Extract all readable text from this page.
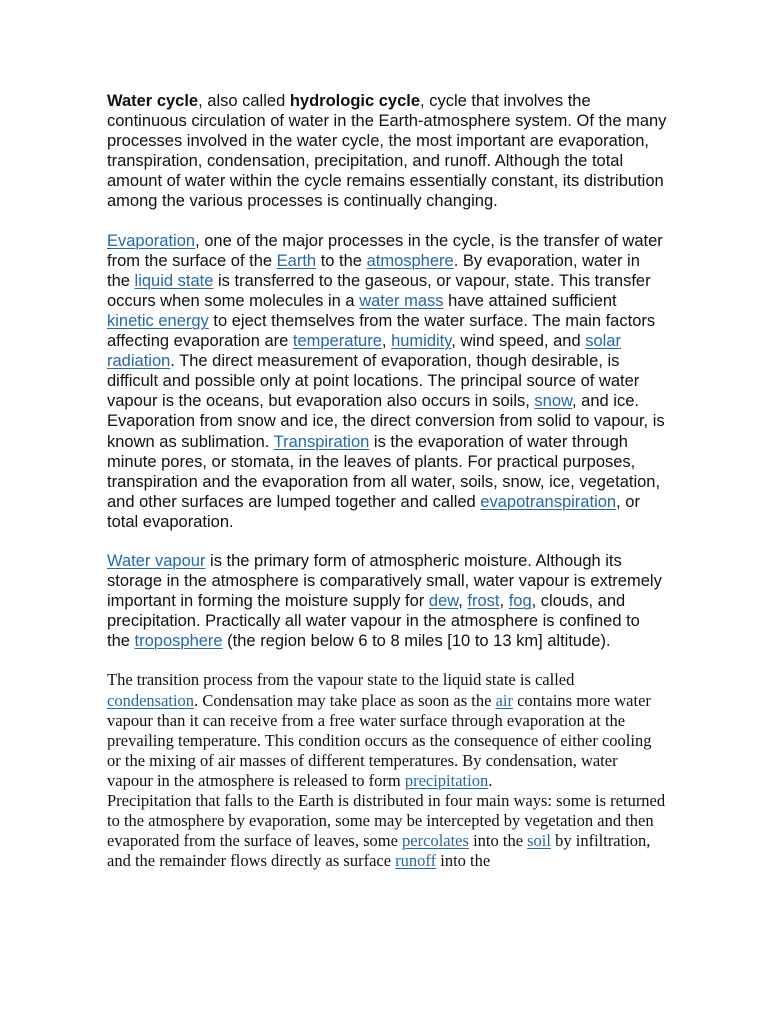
Water cycle, also called hydrologic cycle, cycle that involves the continuous circulation of water in the Earth-atmosphere system. Of the many processes involved in the water cycle, the most important are evaporation, transpiration, condensation, precipitation, and runoff. Although the total amount of water within the cycle remains essentially constant, its distribution among the various processes is continually changing.

Evaporation, one of the major processes in the cycle, is the transfer of water from the surface of the Earth to the atmosphere. By evaporation, water in the liquid state is transferred to the gaseous, or vapour, state. This transfer occurs when some molecules in a water mass have attained sufficient kinetic energy to eject themselves from the water surface. The main factors affecting evaporation are temperature, humidity, wind speed, and solar radiation. The direct measurement of evaporation, though desirable, is difficult and possible only at point locations. The principal source of water vapour is the oceans, but evaporation also occurs in soils, snow, and ice. Evaporation from snow and ice, the direct conversion from solid to vapour, is known as sublimation. Transpiration is the evaporation of water through minute pores, or stomata, in the leaves of plants. For practical purposes, transpiration and the evaporation from all water, soils, snow, ice, vegetation, and other surfaces are lumped together and called evapotranspiration, or total evaporation.

Water vapour is the primary form of atmospheric moisture. Although its storage in the atmosphere is comparatively small, water vapour is extremely important in forming the moisture supply for dew, frost, fog, clouds, and precipitation. Practically all water vapour in the atmosphere is confined to the troposphere (the region below 6 to 8 miles [10 to 13 km] altitude).

The transition process from the vapour state to the liquid state is called condensation. Condensation may take place as soon as the air contains more water vapour than it can receive from a free water surface through evaporation at the prevailing temperature. This condition occurs as the consequence of either cooling or the mixing of air masses of different temperatures. By condensation, water vapour in the atmosphere is released to form precipitation.

Precipitation that falls to the Earth is distributed in four main ways: some is returned to the atmosphere by evaporation, some may be intercepted by vegetation and then evaporated from the surface of leaves, some percolates into the soil by infiltration, and the remainder flows directly as surface runoff into the
